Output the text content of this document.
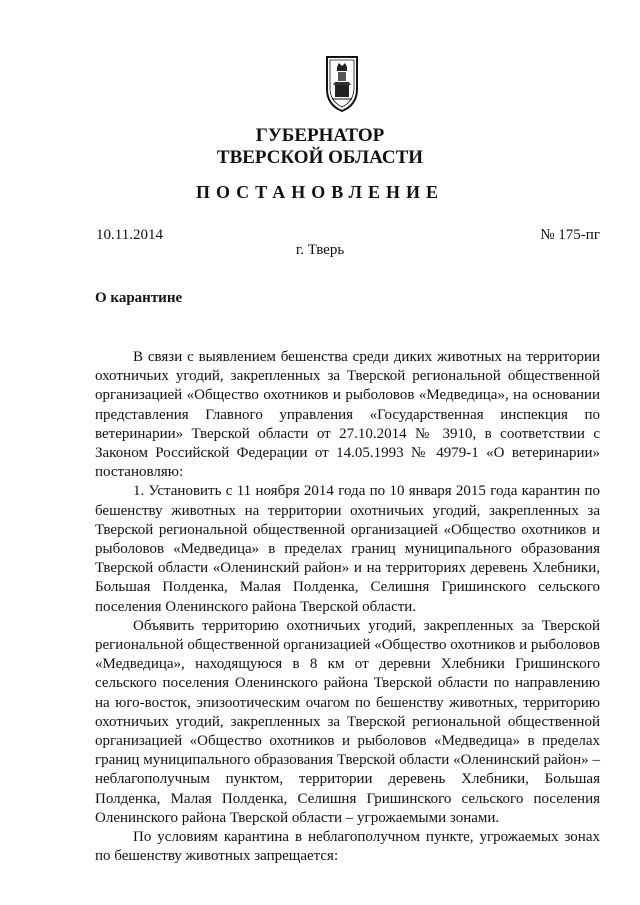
ГУБЕРНАТОР
ТВЕРСКОЙ ОБЛАСТИ
ПОСТАНОВЛЕНИЕ
10.11.2014	№ 175-пг
г. Тверь
О карантине

В связи с выявлением бешенства среди диких животных на территории охотничьих угодий, закрепленных за Тверской региональной общественной организацией «Общество охотников и рыболовов «Медведица», на основании представления Главного управления «Государственная инспекция по ветеринарии» Тверской области от 27.10.2014 № 3910, в соответствии с Законом Российской Федерации от 14.05.1993 № 4979-1 «О ветеринарии» постановляю:

1. Установить с 11 ноября 2014 года по 10 января 2015 года карантин по бешенству животных на территории охотничьих угодий, закрепленных за Тверской региональной общественной организацией «Общество охотников и рыболовов «Медведица» в пределах границ муниципального образования Тверской области «Оленинский район» и на территориях деревень Хлебники, Большая Полденка, Малая Полденка, Селишня Гришинского сельского поселения Оленинского района Тверской области.

Объявить территорию охотничьих угодий, закрепленных за Тверской региональной общественной организацией «Общество охотников и рыболовов «Медведица», находящуюся в 8 км от деревни Хлебники Гришинского сельского поселения Оленинского района Тверской области по направлению на юго-восток, эпизоотическим очагом по бешенству животных, территорию охотничьих угодий, закрепленных за Тверской региональной общественной организацией «Общество охотников и рыболовов «Медведица» в пределах границ муниципального образования Тверской области «Оленинский район» – неблагополучным пунктом, территории деревень Хлебники, Большая Полденка, Малая Полденка, Селишня Гришинского сельского поселения Оленинского района Тверской области – угрожаемыми зонами.

По условиям карантина в неблагополучном пункте, угрожаемых зонах по бешенству животных запрещается:
